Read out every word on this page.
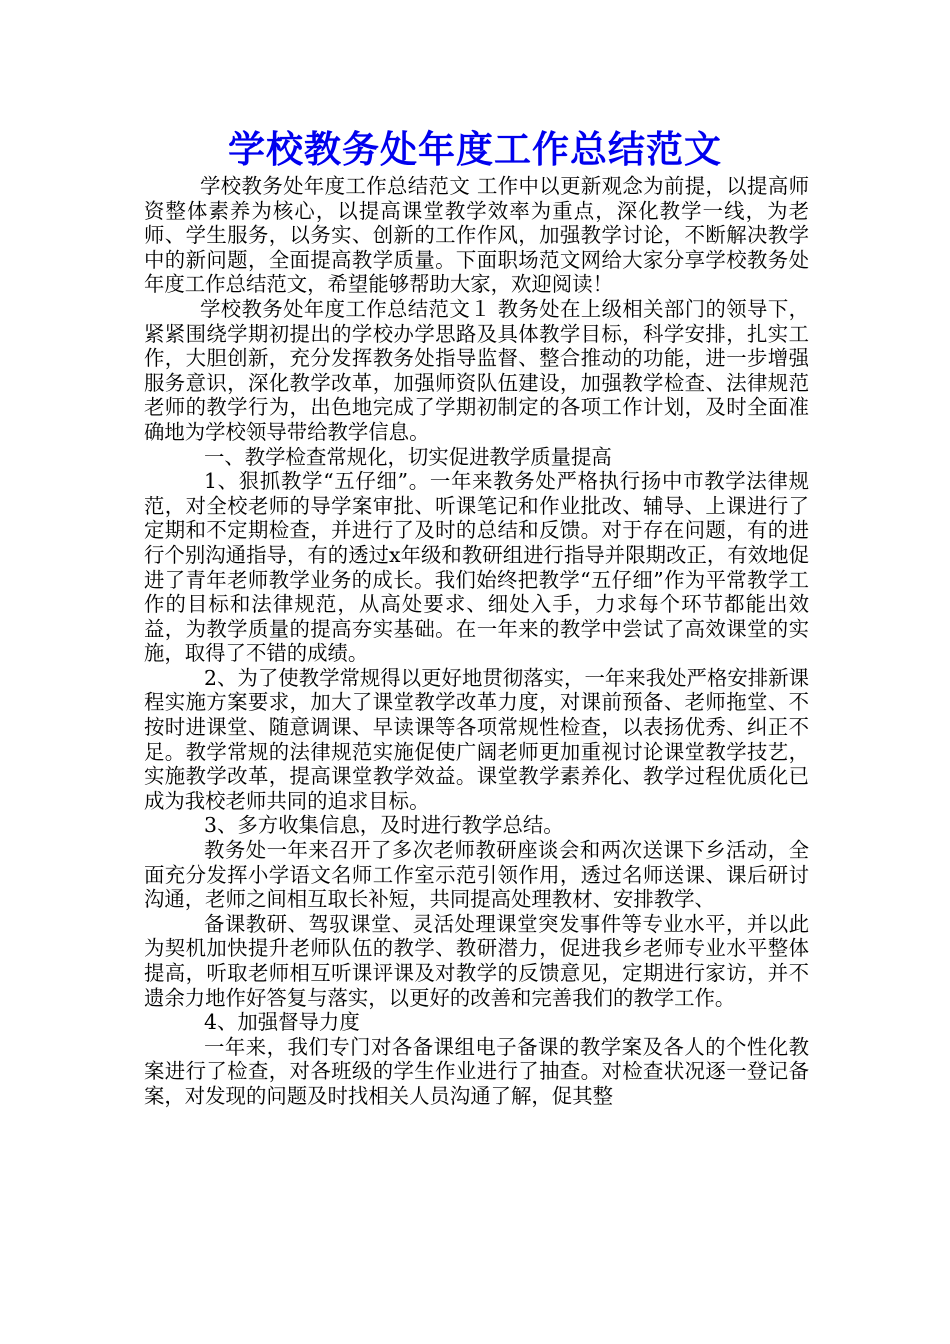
学校教务处年度工作总结范文

学校教务处年度工作总结范文 工作中以更新观念为前提，以提高师资整体素养为核心，以提高课堂教学效率为重点，深化教学一线，为老师、学生服务，以务实、创新的工作作风，加强教学讨论，不断解决教学中的新问题，全面提高教学质量。下面职场范文网给大家分享学校教务处年度工作总结范文，希望能够帮助大家，欢迎阅读！

学校教务处年度工作总结范文１ 教务处在上级相关部门的领导下，紧紧围绕学期初提出的学校办学思路及具体教学目标，科学安排，扎实工作，大胆创新，充分发挥教务处指导监督、整合推动的功能，进一步增强服务意识，深化教学改革，加强师资队伍建设，加强教学检查、法律规范老师的教学行为，出色地完成了学期初制定的各项工作计划，及时全面准确地为学校领导带给教学信息。

一、教学检查常规化，切实促进教学质量提高

1、狠抓教学“五仔细”。一年来教务处严格执行扬中市教学法律规范，对全校老师的导学案审批、听课笔记和作业批改、辅导、上课进行了定期和不定期检查，并进行了及时的总结和反馈。对于存在问题，有的进行个别沟通指导，有的透过x年级和教研组进行指导并限期改正，有效地促进了青年老师教学业务的成长。我们始终把教学“五仔细”作为平常教学工作的目标和法律规范，从高处要求、细处入手，力求每个环节都能出效益，为教学质量的提高夯实基础。在一年来的教学中尝试了高效课堂的实施，取得了不错的成绩。

2、为了使教学常规得以更好地贯彻落实，一年来我处严格安排新课程实施方案要求，加大了课堂教学改革力度，对课前预备、老师拖堂、不按时进课堂、随意调课、早读课等各项常规性检查，以表扬优秀、纠正不足。教学常规的法律规范实施促使广阔老师更加重视讨论课堂教学技艺，实施教学改革，提高课堂教学效益。课堂教学素养化、教学过程优质化已成为我校老师共同的追求目标。

3、多方收集信息，及时进行教学总结。

教务处一年来召开了多次老师教研座谈会和两次送课下乡活动，全面充分发挥小学语文名师工作室示范引领作用，透过名师送课、课后研讨沟通，老师之间相互取长补短，共同提高处理教材、安排教学、

备课教研、驾驭课堂、灵活处理课堂突发事件等专业水平，并以此为契机加快提升老师队伍的教学、教研潜力，促进我乡老师专业水平整体提高，听取老师相互听课评课及对教学的反馈意见，定期进行家访，并不遗余力地作好答复与落实，以更好的改善和完善我们的教学工作。

4、加强督导力度

一年来，我们专门对各备课组电子备课的教学案及各人的个性化教案进行了检查，对各班级的学生作业进行了抽查。对检查状况逐一登记备案，对发现的问题及时找相关人员沟通了解，促其整
